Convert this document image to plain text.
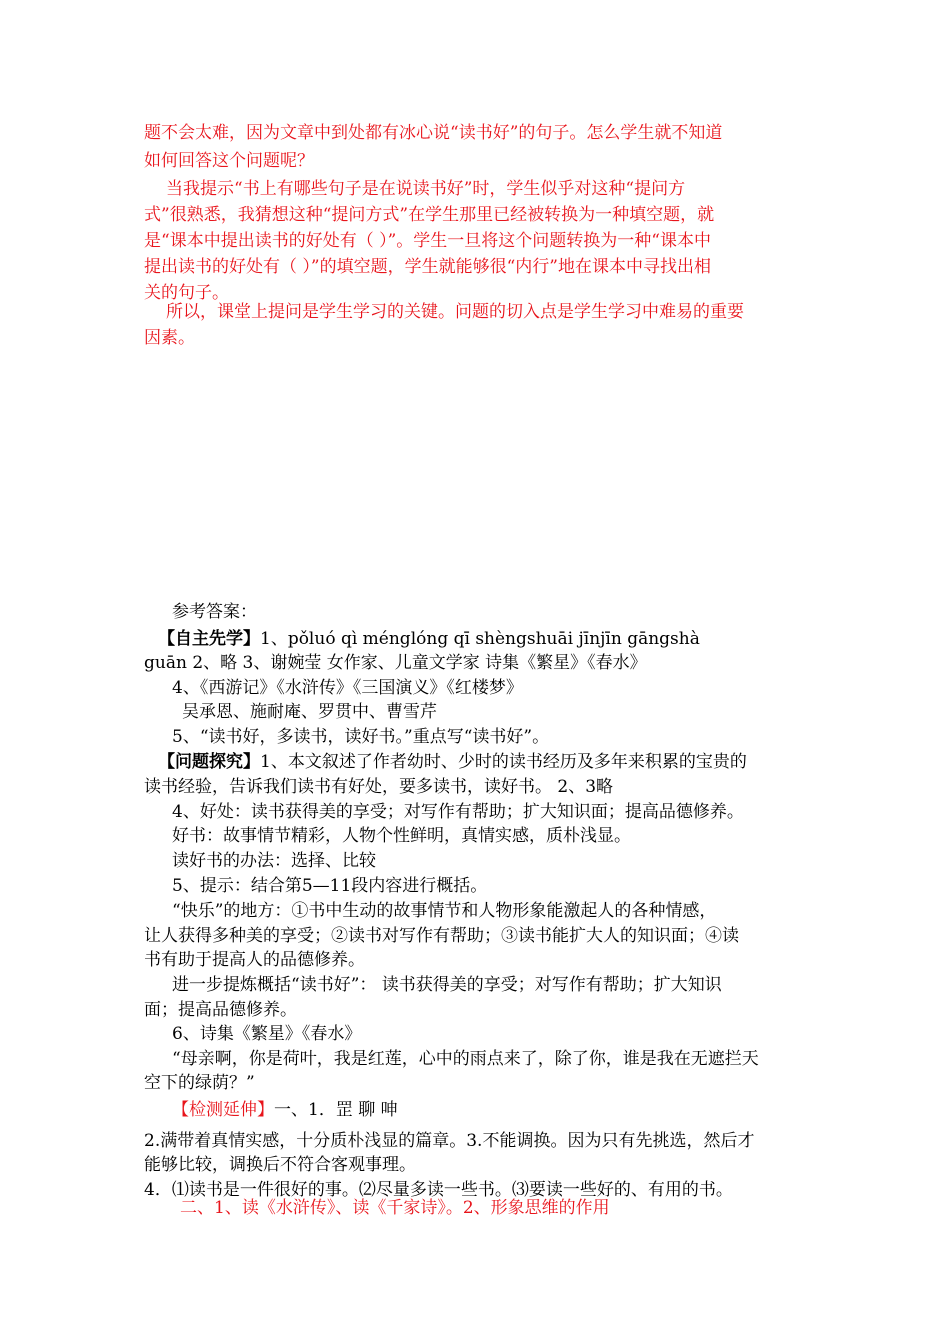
题不会太难，因为文章中到处都有冰心说“读书好”的句子。怎么学生就不知道
如何回答这个问题呢？
当我提示“书上有哪些句子是在说读书好”时，学生似乎对这种“提问方
式”很熟悉，我猜想这种“提问方式”在学生那里已经被转换为一种填空题，就
是“课本中提出读书的好处有（ ）”。学生一旦将这个问题转换为一种“课本中
提出读书的好处有（ ）”的填空题，学生就能够很“内行”地在课本中寻找出相
关的句子。
所以，课堂上提问是学生学习的关键。问题的切入点是学生学习中难易的重要
因素。
参考答案：
【自主先学】1、pǒluó qì ménglóng qī shèngshuāi jīnjīn gāngshà
guān 2、略 3、谢婉莹 女作家、儿童文学家 诗集《繁星》《春水》
4、《西游记》《水浒传》《三国演义》《红楼梦》
吴承恩、施耐庵、罗贯中、曹雪芹
5、“读书好，多读书，读好书。”重点写“读书好”。
【问题探究】1、本文叙述了作者幼时、少时的读书经历及多年来积累的宝贵的
读书经验，告诉我们读书有好处，要多读书，读好书。 2、3略
4、好处：读书获得美的享受；对写作有帮助；扩大知识面；提高品德修养。
好书：故事情节精彩，人物个性鲜明，真情实感，质朴浅显。
读好书的办法：选择、比较
5、提示：结合第5—11段内容进行概括。
“快乐”的地方：①书中生动的故事情节和人物形象能激起人的各种情感，
让人获得多种美的享受；②读书对写作有帮助；③读书能扩大人的知识面；④读
书有助于提高人的品德修养。
进一步提炼概括“读书好”： 读书获得美的享受；对写作有帮助；扩大知识
面；提高品德修养。
6、诗集《繁星》《春水》
“母亲啊，你是荷叶，我是红莲，心中的雨点来了，除了你，谁是我在无遮拦天
空下的绿荫？”
【检测延伸】一、1．罡 聊 呻
2.满带着真情实感，十分质朴浅显的篇章。3.不能调换。因为只有先挑选，然后才
能够比较，调换后不符合客观事理。
4．⑴读书是一件很好的事。⑵尽量多读一些书。⑶要读一些好的、有用的书。
二、1、读《水浒传》、读《千家诗》。2、形象思维的作用
